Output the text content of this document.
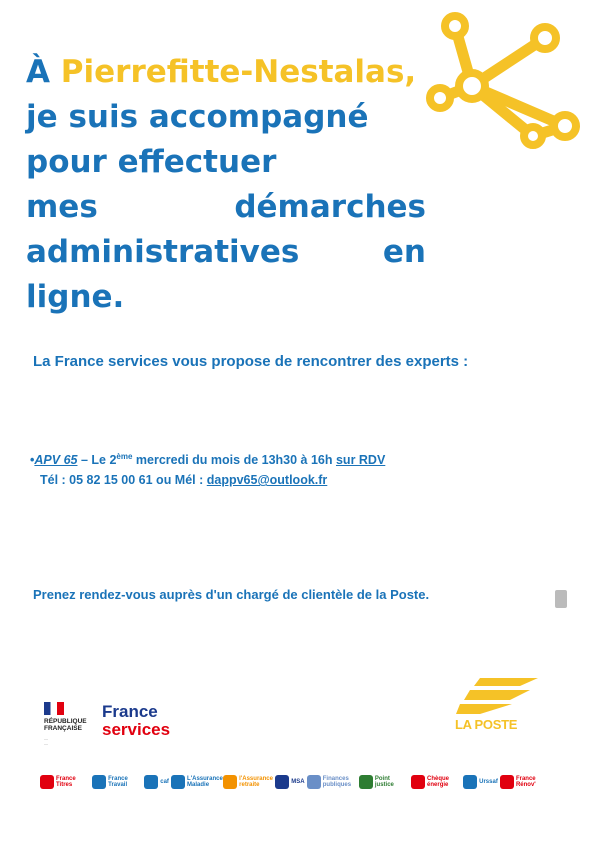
À Pierrefitte-Nestalas,
je suis accompagné
pour effectuer
mes	démarches
administratives	en
ligne.

La France services vous propose de rencontrer des experts :

•APV 65 – Le 2ème mercredi du mois de 13h30 à 16h sur RDV
Tél : 05 82 15 00 61 ou Mél : dappv65@outlook.fr

Prenez rendez-vous auprès d'un chargé de clientèle de la Poste.

RÉPUBLIQUE
FRANÇAISE
—
—
France
services	LA POSTE
France Titres
France Travail	caf	L'Assurance Maladie
l'Assurance retraite	MSA	Finances publiques
Point justice
Chèque énergie	Urssaf	France Rénov'
